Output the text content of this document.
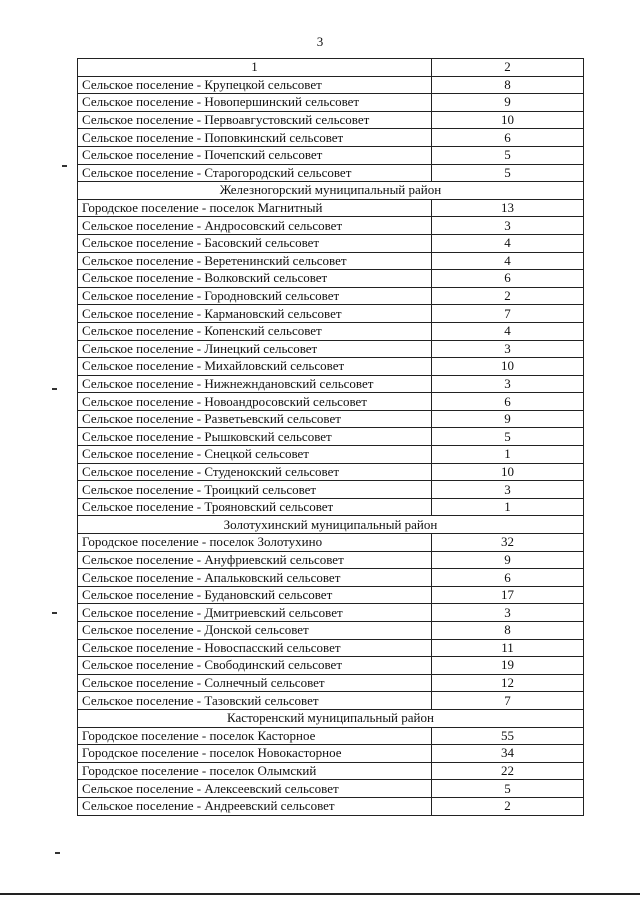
3
1	2
Сельское поселение - Крупецкой сельсовет	8
Сельское поселение - Новопершинский сельсовет	9
Сельское поселение - Первоавгустовский сельсовет	10
Сельское поселение - Поповкинский сельсовет	6
Сельское поселение - Почепский сельсовет	5
Сельское поселение - Старогородский сельсовет	5
Железногорский муниципальный район	
Городское поселение - поселок Магнитный	13
Сельское поселение - Андросовский сельсовет	3
Сельское поселение - Басовский сельсовет	4
Сельское поселение - Веретенинский сельсовет	4
Сельское поселение - Волковский сельсовет	6
Сельское поселение - Городновский сельсовет	2
Сельское поселение - Кармановский сельсовет	7
Сельское поселение - Копенский сельсовет	4
Сельское поселение - Линецкий сельсовет	3
Сельское поселение - Михайловский сельсовет	10
Сельское поселение - Нижнежндановский сельсовет	3
Сельское поселение - Новоандросовский сельсовет	6
Сельское поселение - Разветьевский сельсовет	9
Сельское поселение - Рышковский сельсовет	5
Сельское поселение - Снецкой сельсовет	1
Сельское поселение - Студенокский сельсовет	10
Сельское поселение - Троицкий сельсовет	3
Сельское поселение - Трояновский сельсовет	1
Золотухинский муниципальный район	
Городское поселение - поселок Золотухино	32
Сельское поселение - Ануфриевский сельсовет	9
Сельское поселение - Апальковский сельсовет	6
Сельское поселение - Будановский сельсовет	17
Сельское поселение - Дмитриевский сельсовет	3
Сельское поселение - Донской сельсовет	8
Сельское поселение - Новоспасский сельсовет	11
Сельское поселение - Свободинский сельсовет	19
Сельское поселение - Солнечный сельсовет	12
Сельское поселение - Тазовский сельсовет	7
Касторенский муниципальный район	
Городское поселение - поселок Касторное	55
Городское поселение - поселок Новокасторное	34
Городское поселение - поселок Олымский	22
Сельское поселение - Алексеевский сельсовет	5
Сельское поселение - Андреевский сельсовет	2
